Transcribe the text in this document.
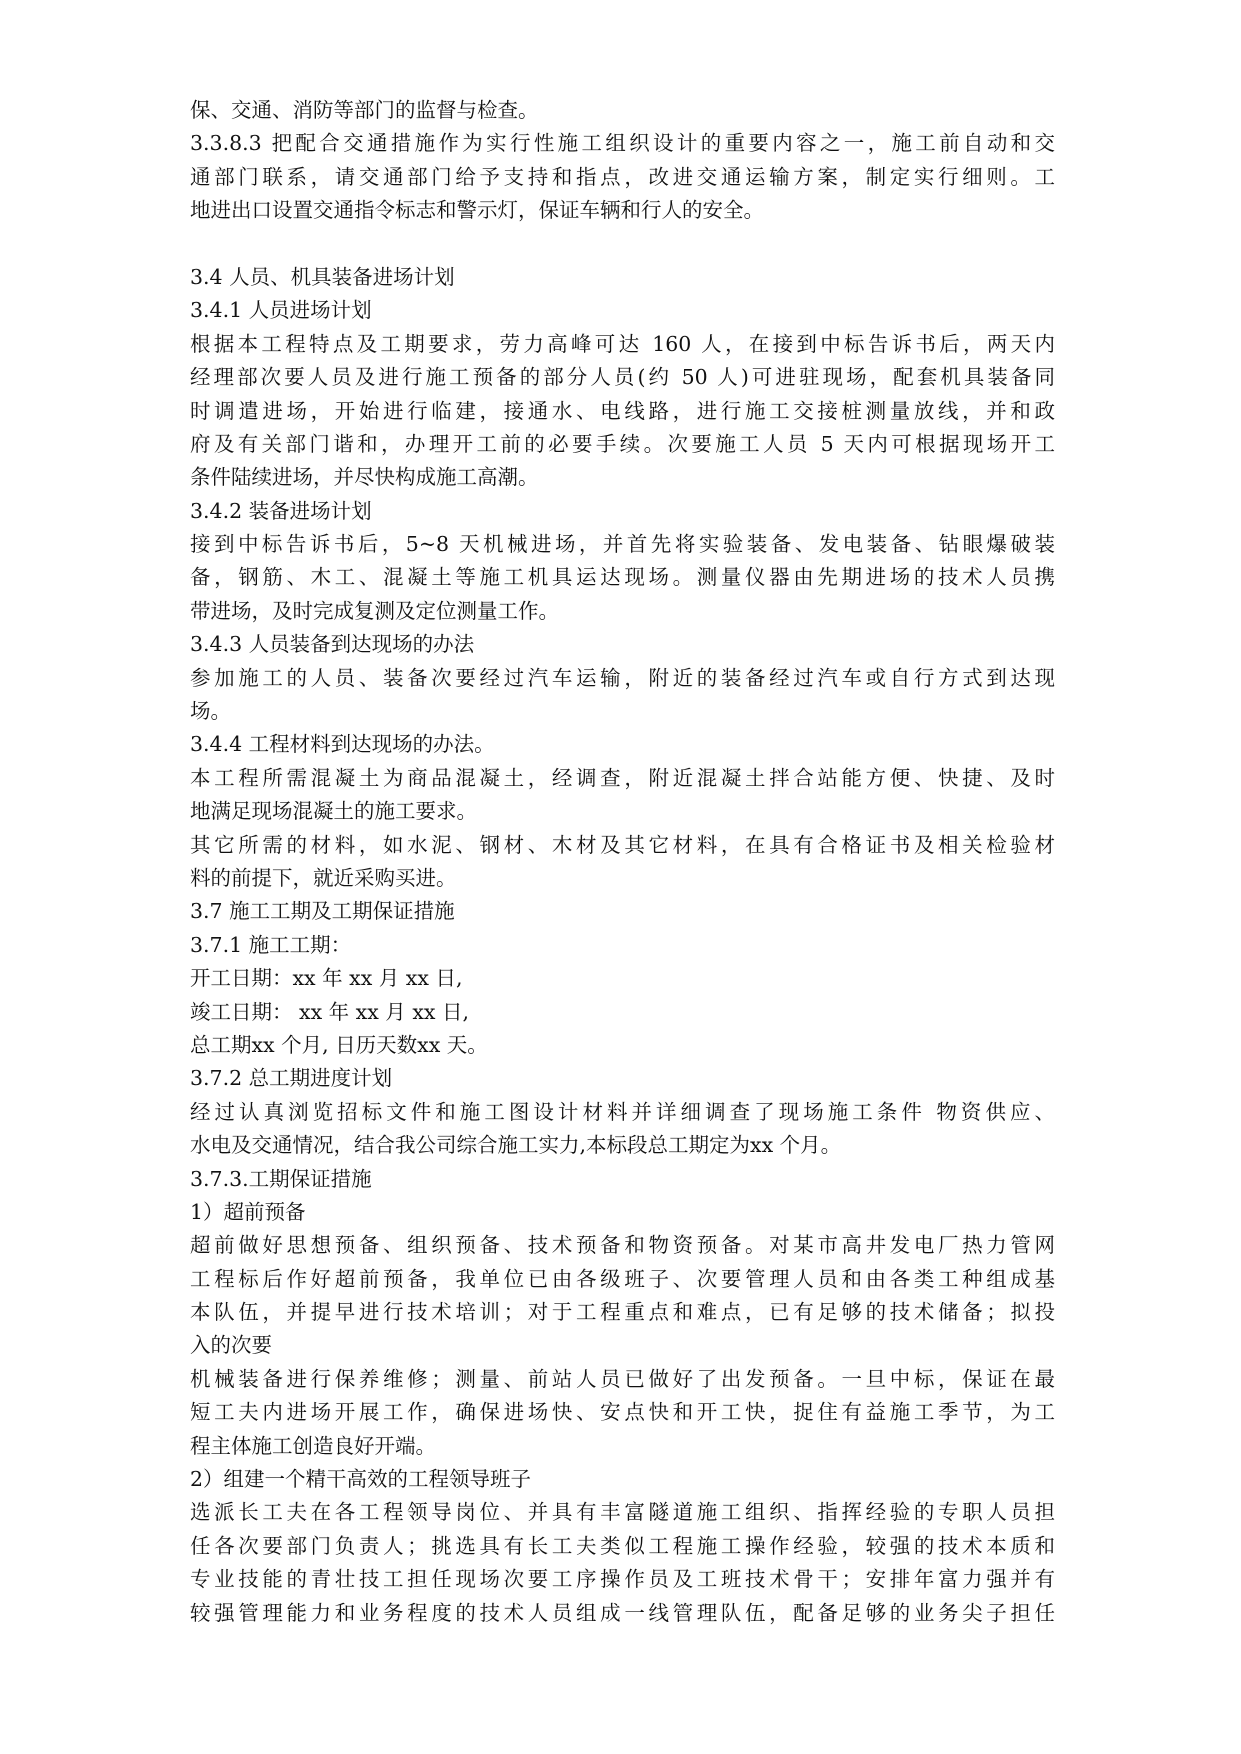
保、交通、消防等部门的监督与检查。
3.3.8.3 把配合交通措施作为实行性施工组织设计的重要内容之一，施工前自动和交
通部门联系，请交通部门给予支持和指点，改进交通运输方案，制定实行细则。工
地进出口设置交通指令标志和警示灯，保证车辆和行人的安全。
3.4 人员、机具装备进场计划
3.4.1 人员进场计划
根据本工程特点及工期要求，劳力高峰可达 160 人，在接到中标告诉书后，两天内
经理部次要人员及进行施工预备的部分人员(约 50 人)可进驻现场，配套机具装备同
时调遣进场，开始进行临建，接通水、电线路，进行施工交接桩测量放线，并和政
府及有关部门谐和，办理开工前的必要手续。次要施工人员 5 天内可根据现场开工
条件陆续进场，并尽快构成施工高潮。
3.4.2 装备进场计划
接到中标告诉书后，5~8 天机械进场，并首先将实验装备、发电装备、钻眼爆破装
备，钢筋、木工、混凝土等施工机具运达现场。测量仪器由先期进场的技术人员携
带进场，及时完成复测及定位测量工作。
3.4.3 人员装备到达现场的办法
参加施工的人员、装备次要经过汽车运输，附近的装备经过汽车或自行方式到达现
场。
3.4.4 工程材料到达现场的办法。
本工程所需混凝土为商品混凝土，经调查，附近混凝土拌合站能方便、快捷、及时
地满足现场混凝土的施工要求。
其它所需的材料，如水泥、钢材、木材及其它材料，在具有合格证书及相关检验材
料的前提下，就近采购买进。
3.7 施工工期及工期保证措施
3.7.1 施工工期：
开工日期：xx 年 xx 月 xx 日,
竣工日期： xx 年 xx 月 xx 日,
总工期xx 个月, 日历天数xx 天。
3.7.2 总工期进度计划
经过认真浏览招标文件和施工图设计材料并详细调查了现场施工条件 物资供应、
水电及交通情况，结合我公司综合施工实力,本标段总工期定为xx 个月。
3.7.3.工期保证措施
1）超前预备
超前做好思想预备、组织预备、技术预备和物资预备。对某市高井发电厂热力管网
工程标后作好超前预备，我单位已由各级班子、次要管理人员和由各类工种组成基
本队伍，并提早进行技术培训；对于工程重点和难点，已有足够的技术储备；拟投
入的次要
机械装备进行保养维修；测量、前站人员已做好了出发预备。一旦中标，保证在最
短工夫内进场开展工作，确保进场快、安点快和开工快，捉住有益施工季节，为工
程主体施工创造良好开端。
2）组建一个精干高效的工程领导班子
选派长工夫在各工程领导岗位、并具有丰富隧道施工组织、指挥经验的专职人员担
任各次要部门负责人；挑选具有长工夫类似工程施工操作经验，较强的技术本质和
专业技能的青壮技工担任现场次要工序操作员及工班技术骨干；安排年富力强并有
较强管理能力和业务程度的技术人员组成一线管理队伍，配备足够的业务尖子担任
